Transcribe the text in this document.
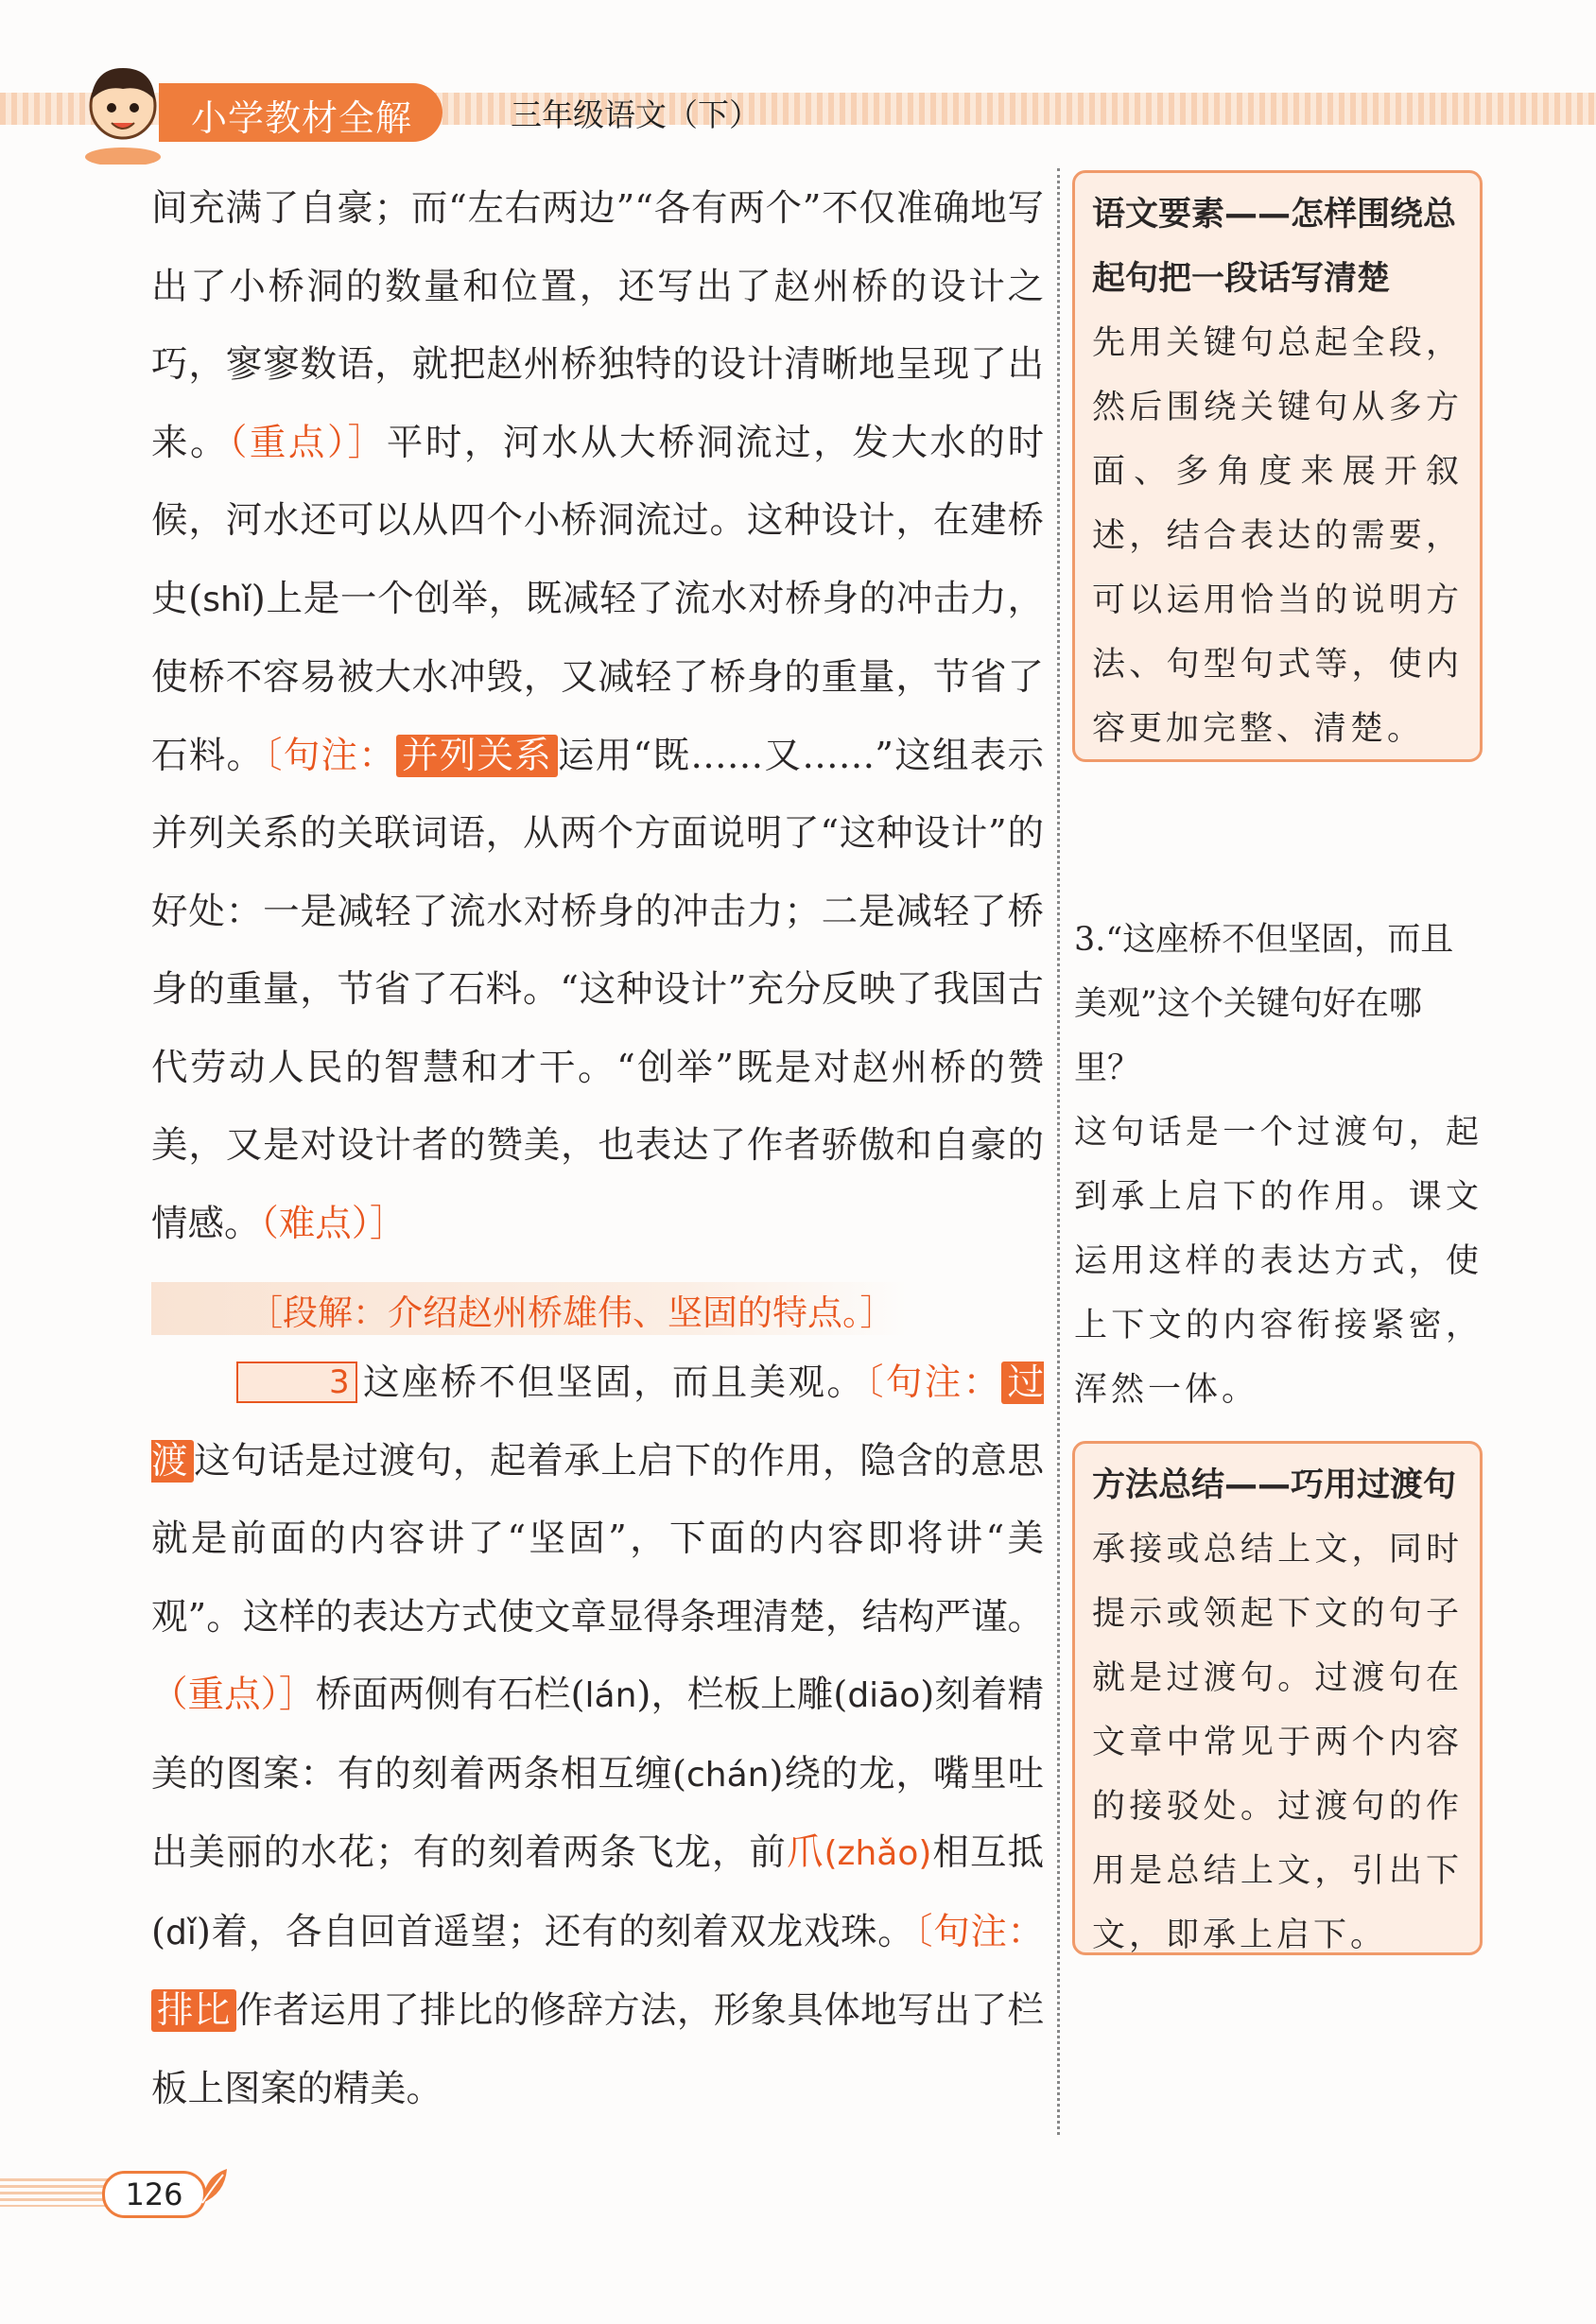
小学教材全解	三年级语文（下）

间充满了自豪；而“左右两边”“各有两个”不仅准确地写出了小桥洞的数量和位置，还写出了赵州桥的设计之巧，寥寥数语，就把赵州桥独特的设计清晰地呈现了出来。（重点）］平时，河水从大桥洞流过，发大水的时候，河水还可以从四个小桥洞流过。这种设计，在建桥史(shǐ)上是一个创举，既减轻了流水对桥身的冲击力，使桥不容易被大水冲毁，又减轻了桥身的重量，节省了石料。〔句注： 并列关系 运用“既……又……”这组表示并列关系的关联词语，从两个方面说明了“这种设计”的好处：一是减轻了流水对桥身的冲击力；二是减轻了桥身的重量，节省了石料。“这种设计”充分反映了我国古代劳动人民的智慧和才干。“创举”既是对赵州桥的赞美，又是对设计者的赞美，也表达了作者骄傲和自豪的情感。（难点）］

［段解：介绍赵州桥雄伟、坚固的特点。］

3 这座桥不但坚固，而且美观。〔句注： 过渡 这句话是过渡句，起着承上启下的作用，隐含的意思就是前面的内容讲了“坚固”，下面的内容即将讲“美观”。这样的表达方式使文章显得条理清楚，结构严谨。（重点）］桥面两侧有石栏(lán)，栏板上雕(diāo)刻着精美的图案：有的刻着两条相互缠(chán)绕的龙，嘴里吐出美丽的水花；有的刻着两条飞龙，前爪(zhǎo)相互抵(dǐ)着，各自回首遥望；还有的刻着双龙戏珠。〔句注：排比 作者运用了排比的修辞方法，形象具体地写出了栏板上图案的精美。

语文要素——怎样围绕总起句把一段话写清楚
先用关键句总起全段，然后围绕关键句从多方面、多角度来展开叙述，结合表达的需要，可以运用恰当的说明方法、句型句式等，使内容更加完整、清楚。
3.“这座桥不但坚固，而且美观”这个关键句好在哪里？
这句话是一个过渡句，起到承上启下的作用。课文运用这样的表达方式，使上下文的内容衔接紧密，浑然一体。
方法总结——巧用过渡句
承接或总结上文，同时提示或领起下文的句子就是过渡句。过渡句在文章中常见于两个内容的接驳处。过渡句的作用是总结上文，引出下文，即承上启下。
126
